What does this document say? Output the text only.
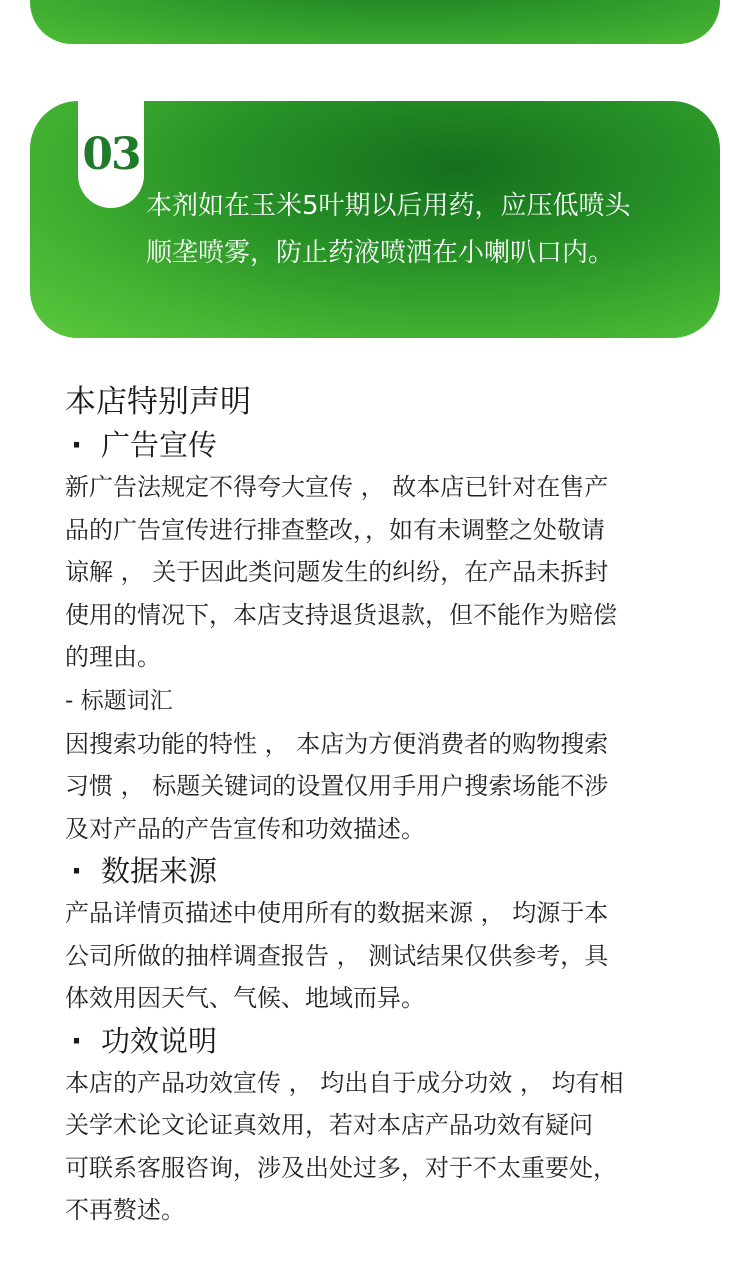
03
本剂如在玉米5叶期以后用药，应压低喷头
顺垄喷雾，防止药液喷洒在小喇叭口内。
本店特别声明
· 广告宣传
新广告法规定不得夸大宣传 ， 故本店已针对在售产
品的广告宣传进行排查整改，，如有未调整之处敬请
谅解 ， 关于因此类问题发生的纠纷，在产品未拆封
使用的情况下，本店支持退货退款，但不能作为赔偿
的理由。
- 标题词汇
因搜索功能的特性 ， 本店为方便消费者的购物搜索
习惯 ， 标题关键词的设置仅用手用户搜索场能不涉
及对产品的产告宣传和功效描述。
· 数据来源
产品详情页描述中使用所有的数据来源 ， 均源于本
公司所做的抽样调查报告 ， 测试结果仅供参考，具
体效用因天气、气候、地域而异。
· 功效说明
本店的产品功效宣传 ， 均出自于成分功效 ， 均有相
关学术论文论证真效用，若对本店产品功效有疑问
可联系客服咨询，涉及出处过多，对于不太重要处，
不再赘述。
